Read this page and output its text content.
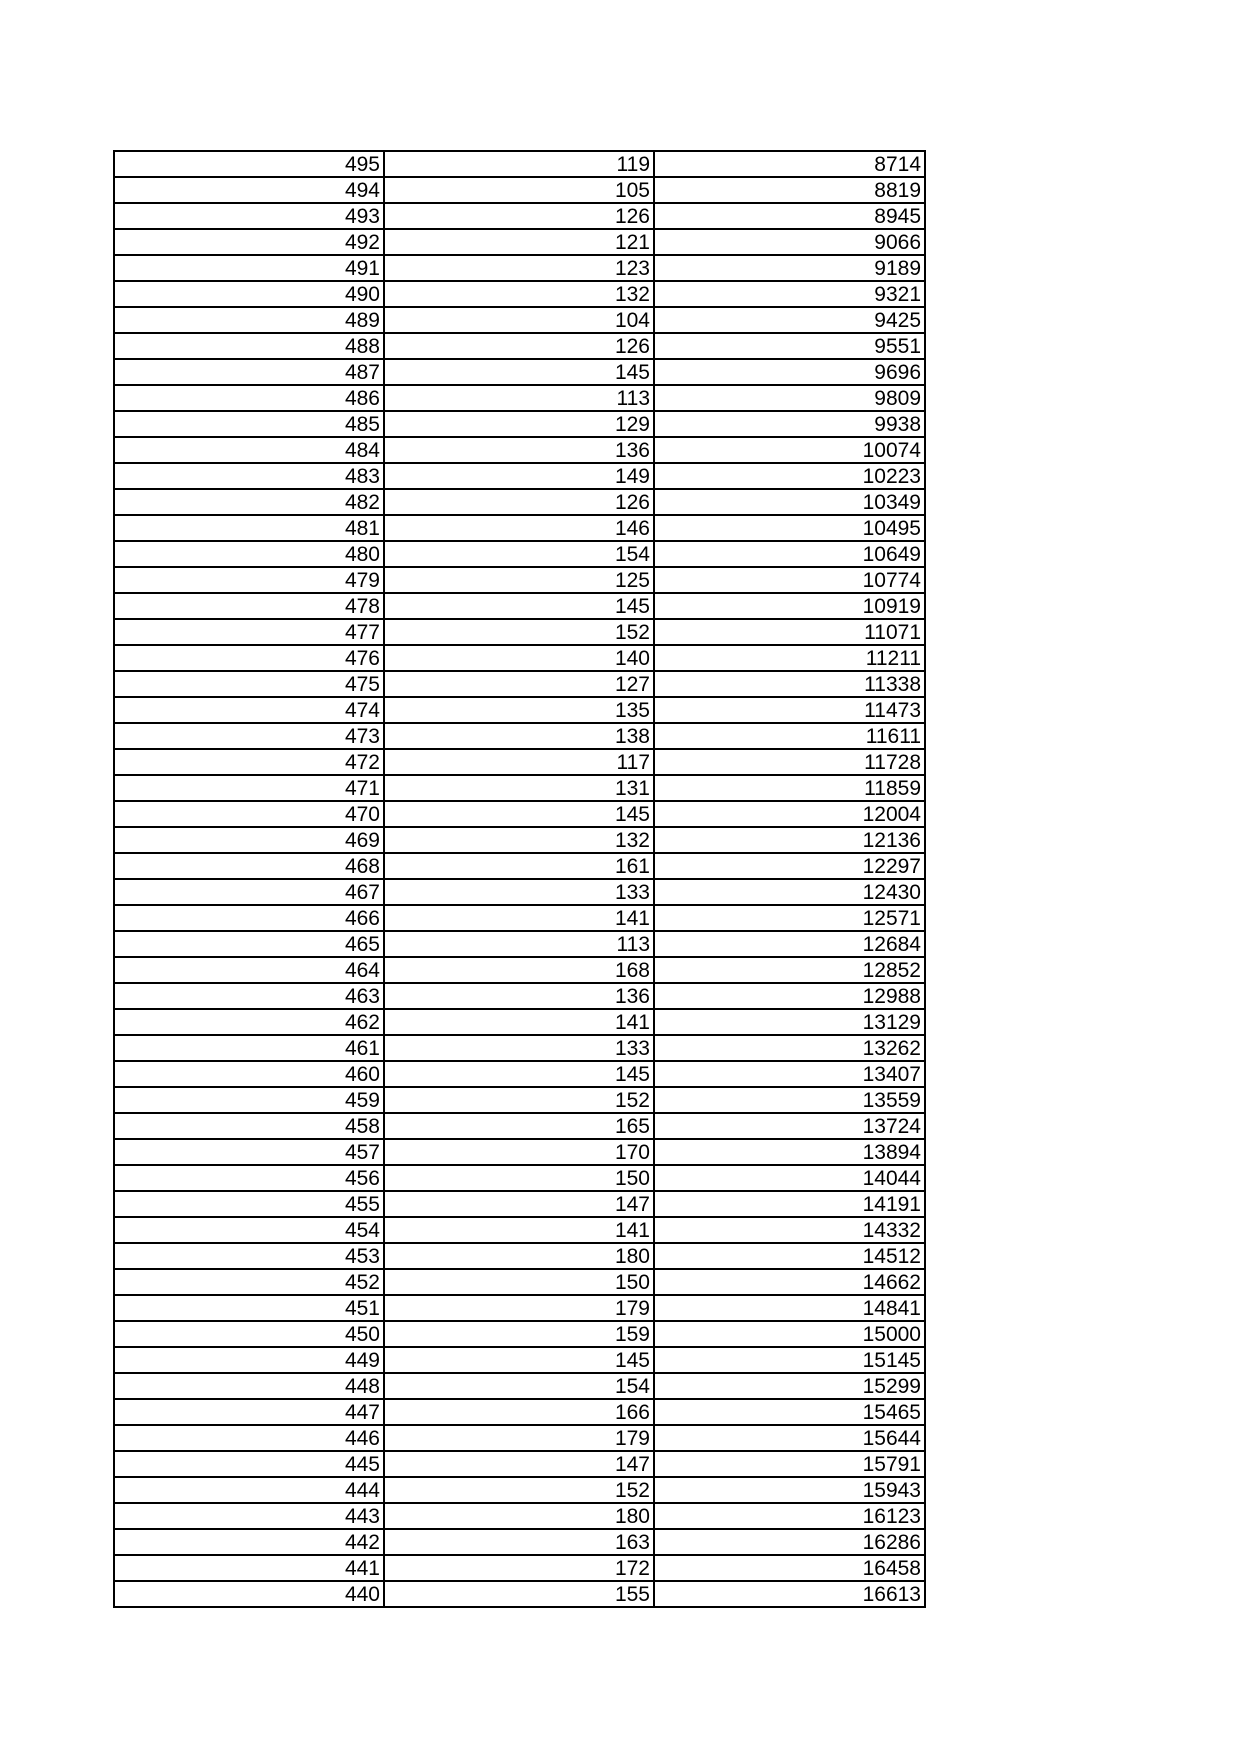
495	119	8714
494	105	8819
493	126	8945
492	121	9066
491	123	9189
490	132	9321
489	104	9425
488	126	9551
487	145	9696
486	113	9809
485	129	9938
484	136	10074
483	149	10223
482	126	10349
481	146	10495
480	154	10649
479	125	10774
478	145	10919
477	152	11071
476	140	11211
475	127	11338
474	135	11473
473	138	11611
472	117	11728
471	131	11859
470	145	12004
469	132	12136
468	161	12297
467	133	12430
466	141	12571
465	113	12684
464	168	12852
463	136	12988
462	141	13129
461	133	13262
460	145	13407
459	152	13559
458	165	13724
457	170	13894
456	150	14044
455	147	14191
454	141	14332
453	180	14512
452	150	14662
451	179	14841
450	159	15000
449	145	15145
448	154	15299
447	166	15465
446	179	15644
445	147	15791
444	152	15943
443	180	16123
442	163	16286
441	172	16458
440	155	16613
